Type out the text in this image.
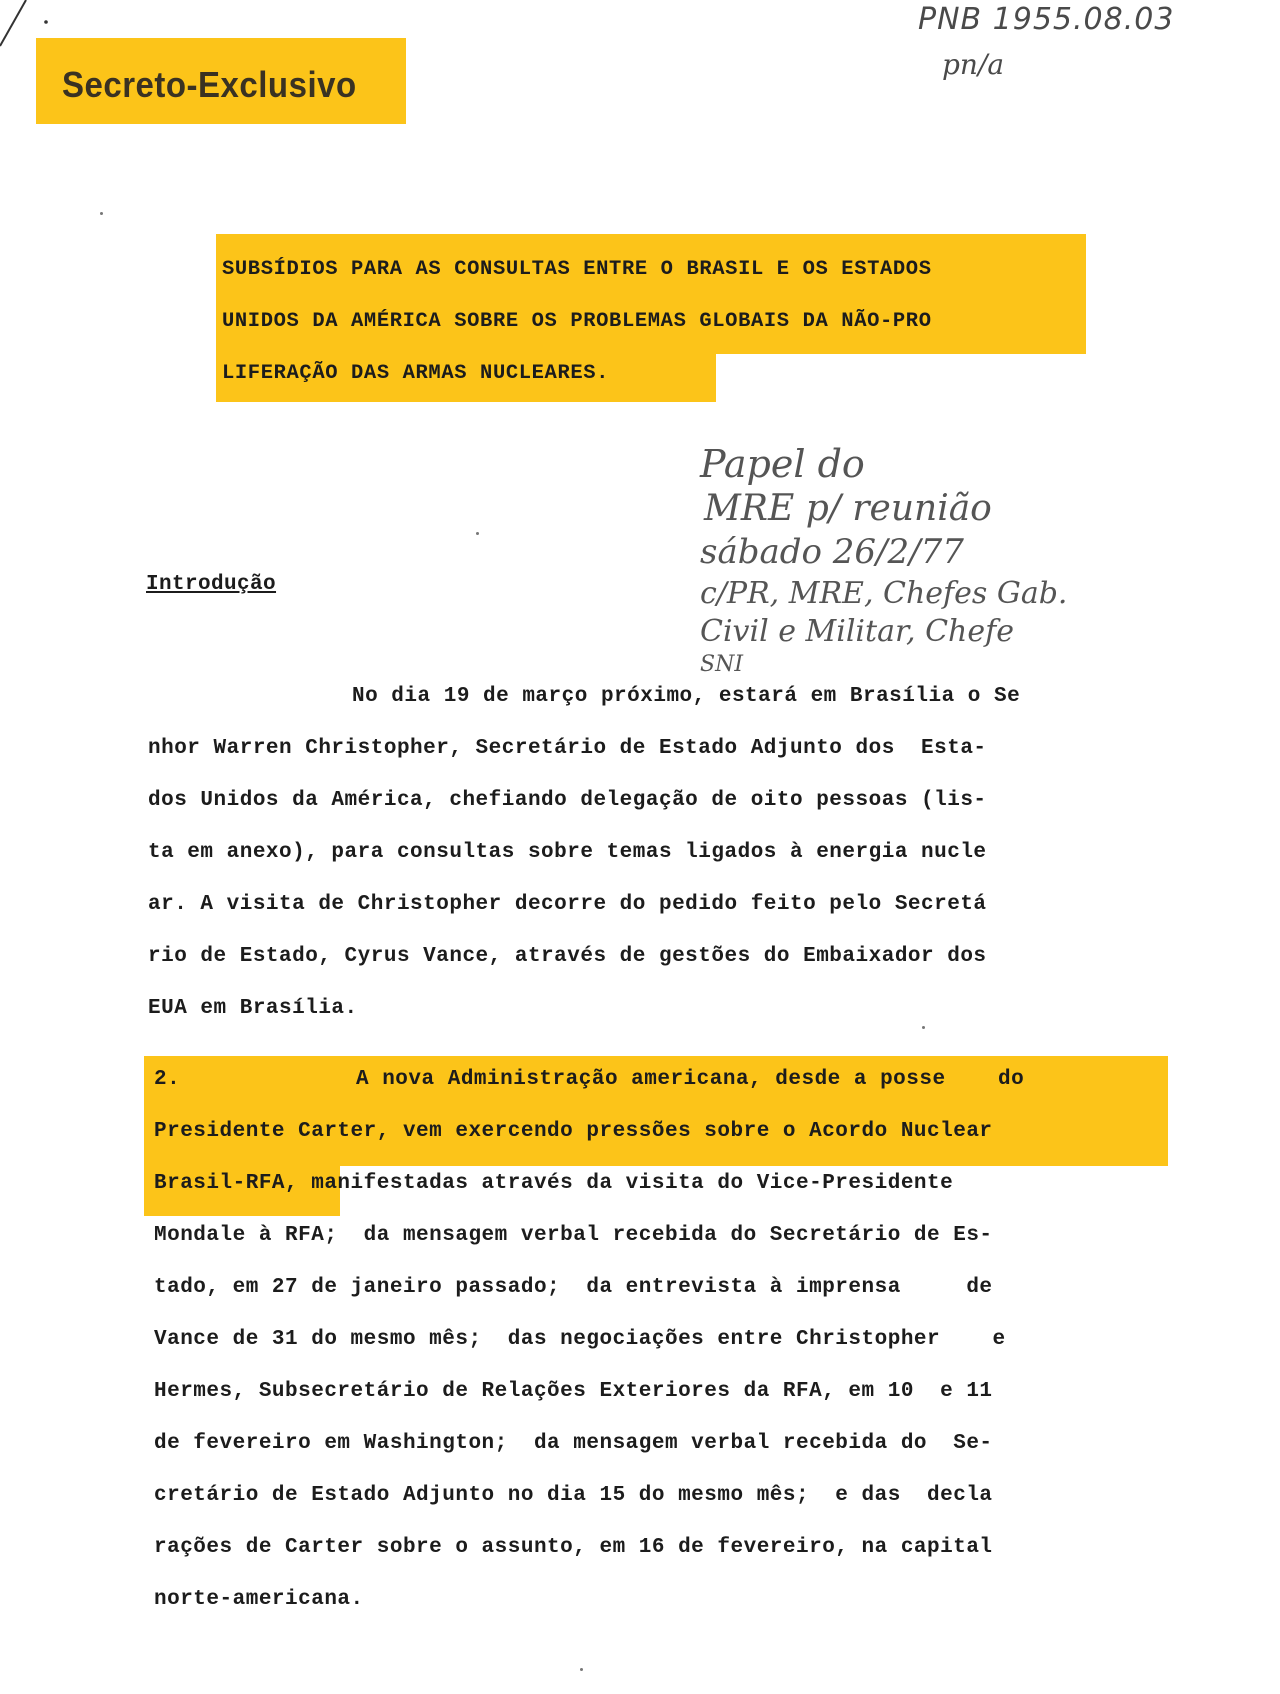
Secreto-Exclusivo
PNB 1955.08.03
pn/a
SUBSÍDIOS PARA AS CONSULTAS ENTRE O BRASIL E OS ESTADOS
UNIDOS DA AMÉRICA SOBRE OS PROBLEMAS GLOBAIS DA NÃO-PRO
LIFERAÇÃO DAS ARMAS NUCLEARES.
Papel do
MRE p/ reunião
sábado 26/2/77
c/PR, MRE, Chefes Gab.
Civil e Militar, Chefe
SNI
Introdução
No dia 19 de março próximo, estará em Brasília o Se
nhor Warren Christopher, Secretário de Estado Adjunto dos  Esta-
dos Unidos da América, chefiando delegação de oito pessoas (lis-
ta em anexo), para consultas sobre temas ligados à energia nucle
ar. A visita de Christopher decorre do pedido feito pelo Secretá
rio de Estado, Cyrus Vance, através de gestões do Embaixador dos
EUA em Brasília.
2.	A nova Administração americana, desde a posse    do
Presidente Carter, vem exercendo pressões sobre o Acordo Nuclear
Brasil-RFA, manifestadas através da visita do Vice-Presidente
Mondale à RFA;  da mensagem verbal recebida do Secretário de Es-
tado, em 27 de janeiro passado;  da entrevista à imprensa     de
Vance de 31 do mesmo mês;  das negociações entre Christopher    e
Hermes, Subsecretário de Relações Exteriores da RFA, em 10  e 11
de fevereiro em Washington;  da mensagem verbal recebida do  Se-
cretário de Estado Adjunto no dia 15 do mesmo mês;  e das  decla
rações de Carter sobre o assunto, em 16 de fevereiro, na capital
norte-americana.
